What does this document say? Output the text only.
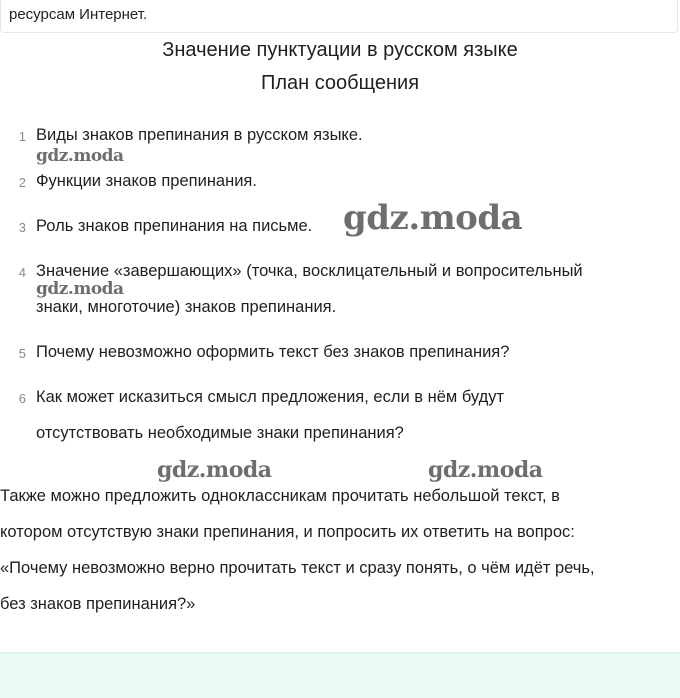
ресурсам Интернет.
Значение пунктуации в русском языке
План сообщения
1 Виды знаков препинания в русском языке.
gdz.moda
2 Функции знаков препинания.
3 Роль знаков препинания на письме. gdz.moda
4 Значение «завершающих» (точка, восклицательный и вопросительный
знаки, многоточие) знаков препинания.
gdz.moda
5 Почему невозможно оформить текст без знаков препинания?
6 Как может исказиться смысл предложения, если в нём будут
отсутствовать необходимые знаки препинания?
gdz.moda	gdz.moda
Также можно предложить одноклассникам прочитать небольшой текст, в
котором отсутствую знаки препинания, и попросить их ответить на вопрос:
«Почему невозможно верно прочитать текст и сразу понять, о чём идёт речь,
без знаков препинания?»
